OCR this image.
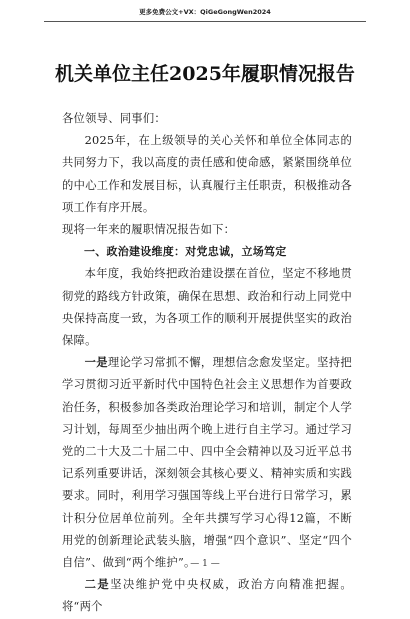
更多免费公文+VX：QiGeGongWen2024
机关单位主任2025年履职情况报告

各位领导、同事们：

2025年，在上级领导的关心关怀和单位全体同志的共同努力下，我以高度的责任感和使命感，紧紧围绕单位的中心工作和发展目标，认真履行主任职责，积极推动各项工作有序开展。

现将一年来的履职情况报告如下：

一、政治建设维度：对党忠诚，立场笃定

本年度，我始终把政治建设摆在首位，坚定不移地贯彻党的路线方针政策，确保在思想、政治和行动上同党中央保持高度一致，为各项工作的顺利开展提供坚实的政治保障。

一是理论学习常抓不懈，理想信念愈发坚定。坚持把学习贯彻习近平新时代中国特色社会主义思想作为首要政治任务，积极参加各类政治理论学习和培训，制定个人学习计划，每周至少抽出两个晚上进行自主学习。通过学习党的二十大及二十届二中、四中全会精神以及习近平总书记系列重要讲话，深刻领会其核心要义、精神实质和实践要求。同时，利用学习强国等线上平台进行日常学习，累计积分位居单位前列。全年共撰写学习心得12篇，不断用党的创新理论武装头脑，增强“四个意识”、坚定“四个自信”、做到“两个维护”。

二是坚决维护党中央权威，政治方向精准把握。将“两个

— 1 —
